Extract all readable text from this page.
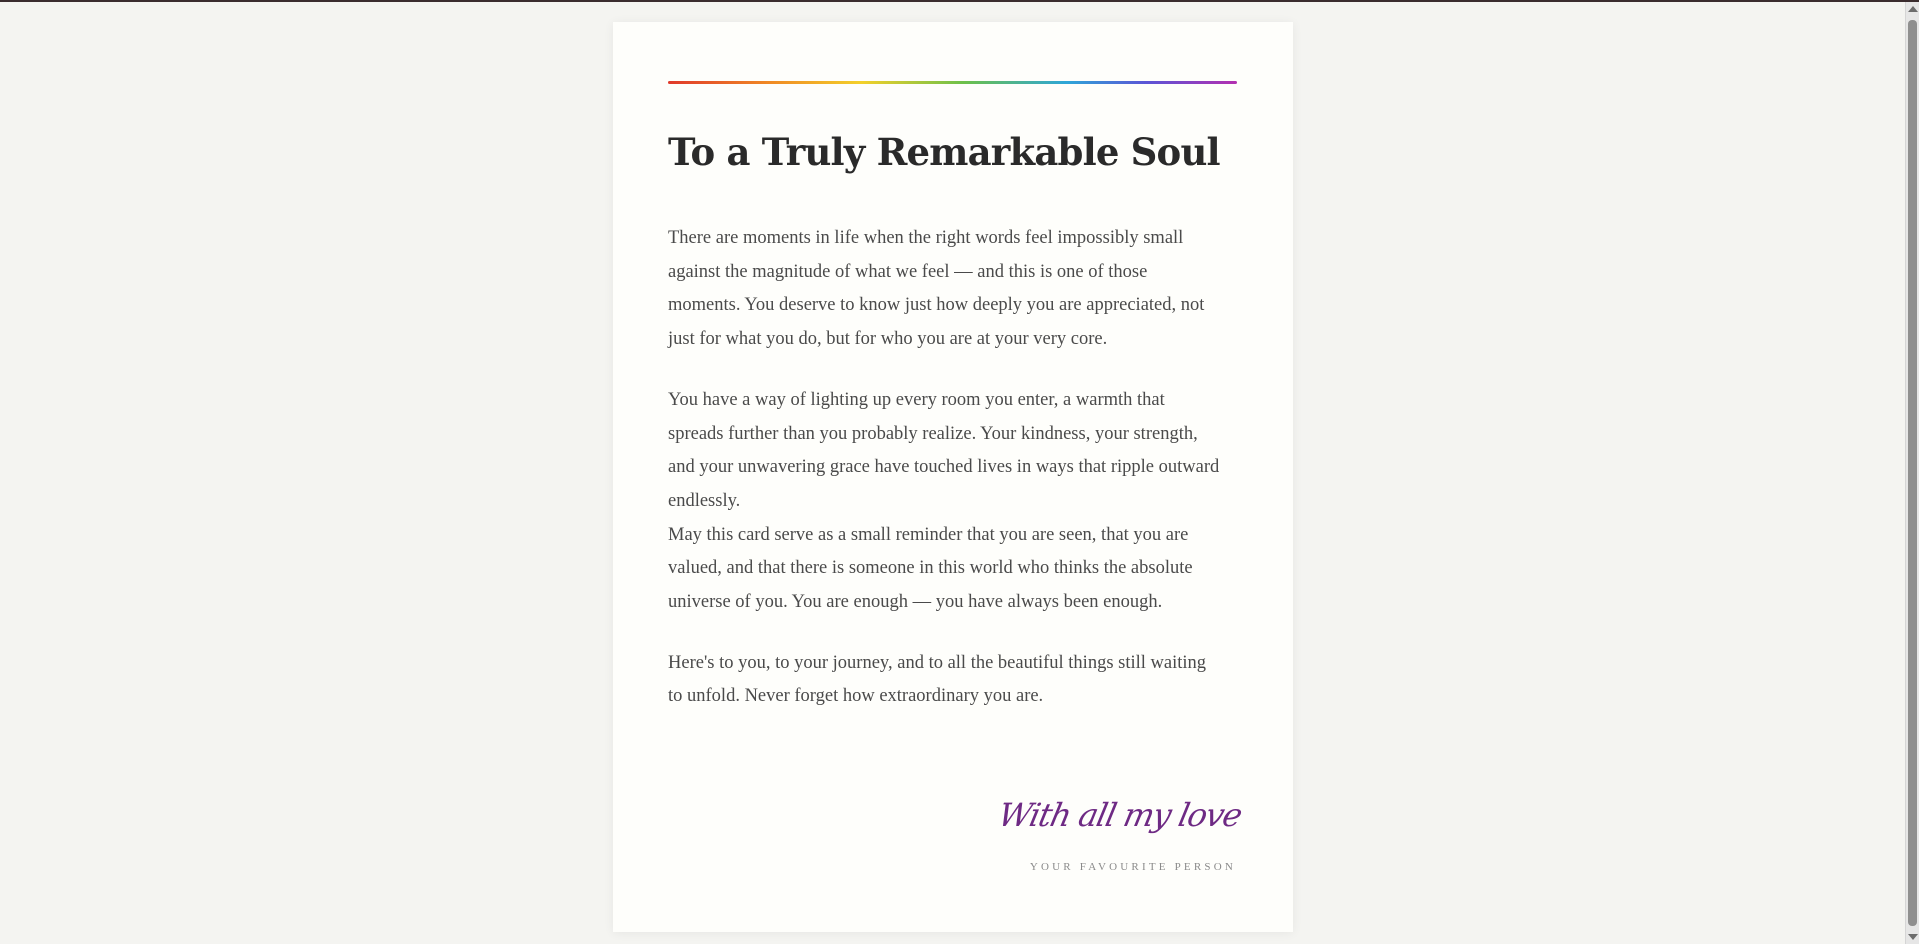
To a Truly Remarkable Soul

There are moments in life when the right words feel impossibly small against the magnitude of what we feel — and this is one of those moments. You deserve to know just how deeply you are appreciated, not just for what you do, but for who you are at your very core.

You have a way of lighting up every room you enter, a warmth that spreads further than you probably realize. Your kindness, your strength, and your unwavering grace have touched lives in ways that ripple outward endlessly.

May this card serve as a small reminder that you are seen, that you are valued, and that there is someone in this world who thinks the absolute universe of you. You are enough — you have always been enough.

Here's to you, to your journey, and to all the beautiful things still waiting to unfold. Never forget how extraordinary you are.

With all my love
YOUR FAVOURITE PERSON
